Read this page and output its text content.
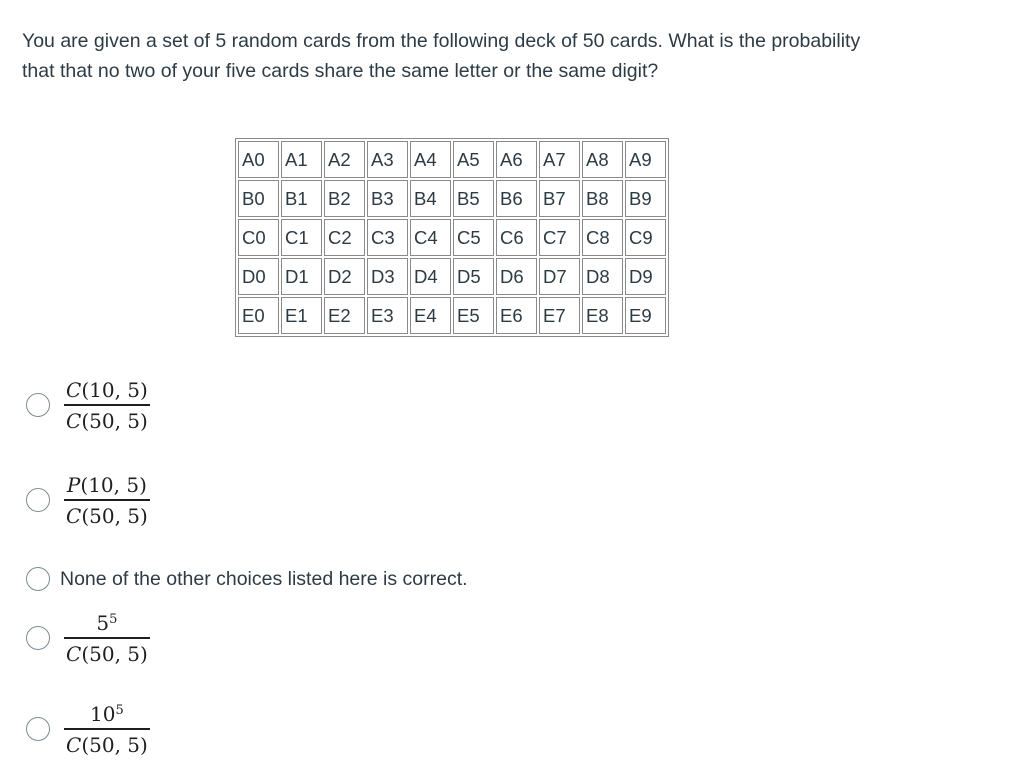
You are given a set of 5 random cards from the following deck of 50 cards. What is the probability that that no two of your five cards share the same letter or the same digit?

A0	A1	A2	A3	A4	A5	A6	A7	A8	A9
B0	B1	B2	B3	B4	B5	B6	B7	B8	B9
C0	C1	C2	C3	C4	C5	C6	C7	C8	C9
D0	D1	D2	D3	D4	D5	D6	D7	D8	D9
E0	E1	E2	E3	E4	E5	E6	E7	E8	E9
$\frac{C(10, 5)}{C(50, 5)}$
$\frac{P(10, 5)}{C(50, 5)}$
None of the other choices listed here is correct.
$\frac{5^5}{C(50, 5)}$
$\frac{10^5}{C(50, 5)}$
